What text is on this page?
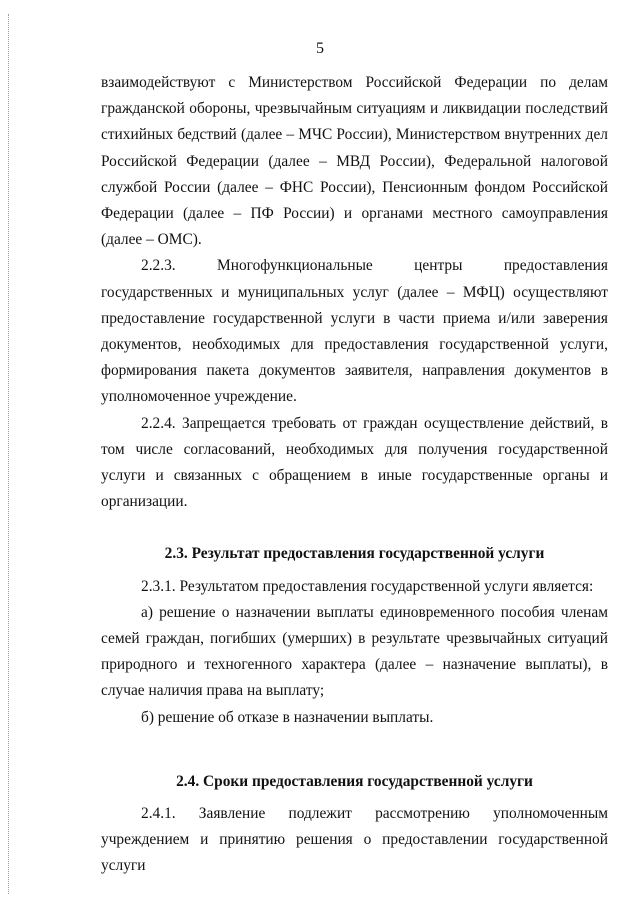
5

взаимодействуют с Министерством Российской Федерации по делам гражданской обороны, чрезвычайным ситуациям и ликвидации последствий стихийных бедствий (далее – МЧС России), Министерством внутренних дел Российской Федерации (далее – МВД России), Федеральной налоговой службой России (далее – ФНС России), Пенсионным фондом Российской Федерации (далее – ПФ России) и органами местного самоуправления (далее – ОМС).

2.2.3. Многофункциональные центры предоставления государственных и муниципальных услуг (далее – МФЦ) осуществляют предоставление государственной услуги в части приема и/или заверения документов, необходимых для предоставления государственной услуги, формирования пакета документов заявителя, направления документов в уполномоченное учреждение.

2.2.4. Запрещается требовать от граждан осуществление действий, в том числе согласований, необходимых для получения государственной услуги и связанных с обращением в иные государственные органы и организации.

2.3. Результат предоставления государственной услуги

2.3.1. Результатом предоставления государственной услуги является:

а) решение о назначении выплаты единовременного пособия членам семей граждан, погибших (умерших) в результате чрезвычайных ситуаций природного и техногенного характера (далее – назначение выплаты), в случае наличия права на выплату;

б) решение об отказе в назначении выплаты.

2.4. Сроки предоставления государственной услуги

2.4.1. Заявление подлежит рассмотрению уполномоченным

учреждением и принятию решения о предоставлении государственной услуги
